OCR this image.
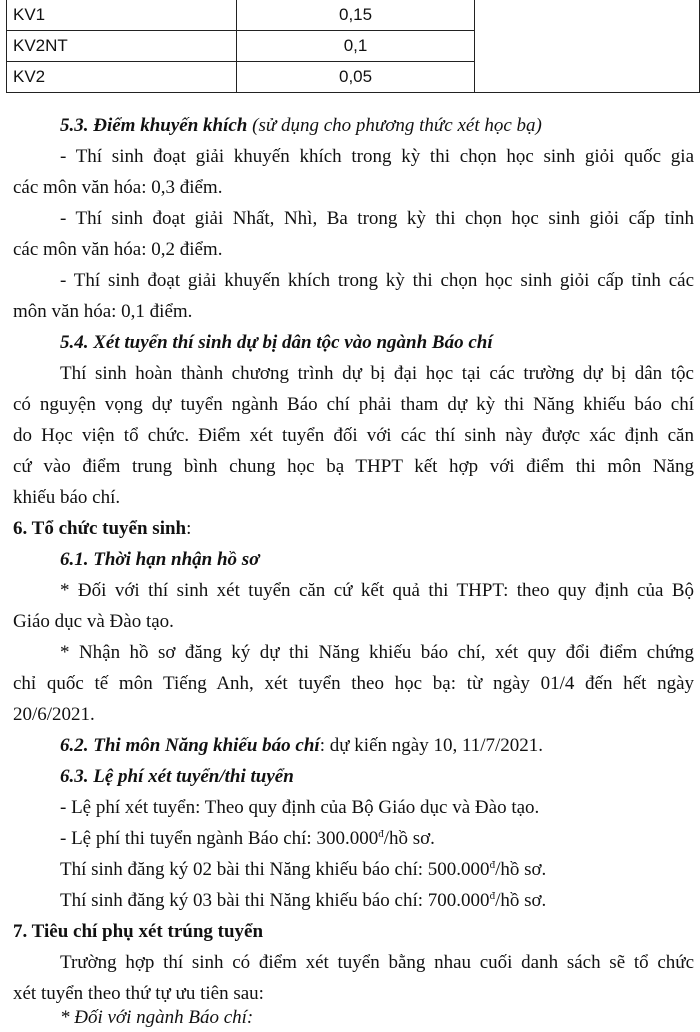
KV1	0,15	
KV2NT	0,1	
KV2	0,05	
5.3. Điểm khuyến khích (sử dụng cho phương thức xét học bạ)
- Thí sinh đoạt giải khuyến khích trong kỳ thi chọn học sinh giỏi quốc gia
các môn văn hóa: 0,3 điểm.
- Thí sinh đoạt giải Nhất, Nhì, Ba trong kỳ thi chọn học sinh giỏi cấp tỉnh
các môn văn hóa: 0,2 điểm.
- Thí sinh đoạt giải khuyến khích trong kỳ thi chọn học sinh giỏi cấp tỉnh các
môn văn hóa: 0,1 điểm.
5.4. Xét tuyển thí sinh dự bị dân tộc vào ngành Báo chí
Thí sinh hoàn thành chương trình dự bị đại học tại các trường dự bị dân tộc
có nguyện vọng dự tuyển ngành Báo chí phải tham dự kỳ thi Năng khiếu báo chí
do Học viện tổ chức. Điểm xét tuyển đối với các thí sinh này được xác định căn
cứ vào điểm trung bình chung học bạ THPT kết hợp với điểm thi môn Năng
khiếu báo chí.
6. Tổ chức tuyển sinh:
6.1. Thời hạn nhận hồ sơ
* Đối với thí sinh xét tuyển căn cứ kết quả thi THPT: theo quy định của Bộ
Giáo dục và Đào tạo.
* Nhận hồ sơ đăng ký dự thi Năng khiếu báo chí, xét quy đổi điểm chứng
chỉ quốc tế môn Tiếng Anh, xét tuyển theo học bạ: từ ngày 01/4 đến hết ngày
20/6/2021.
6.2. Thi môn Năng khiếu báo chí: dự kiến ngày 10, 11/7/2021.
6.3. Lệ phí xét tuyển/thi tuyển
- Lệ phí xét tuyển: Theo quy định của Bộ Giáo dục và Đào tạo.
- Lệ phí thi tuyển ngành Báo chí: $300.000^đ/hồ$ sơ.
Thí sinh đăng ký 02 bài thi Năng khiếu báo chí: $500.000^đ/hồ$ sơ.
Thí sinh đăng ký 03 bài thi Năng khiếu báo chí: $700.000^đ/hồ$ sơ.
7. Tiêu chí phụ xét trúng tuyển
Trường hợp thí sinh có điểm xét tuyển bằng nhau cuối danh sách sẽ tổ chức
xét tuyển theo thứ tự ưu tiên sau:
* Đối với ngành Báo chí:
